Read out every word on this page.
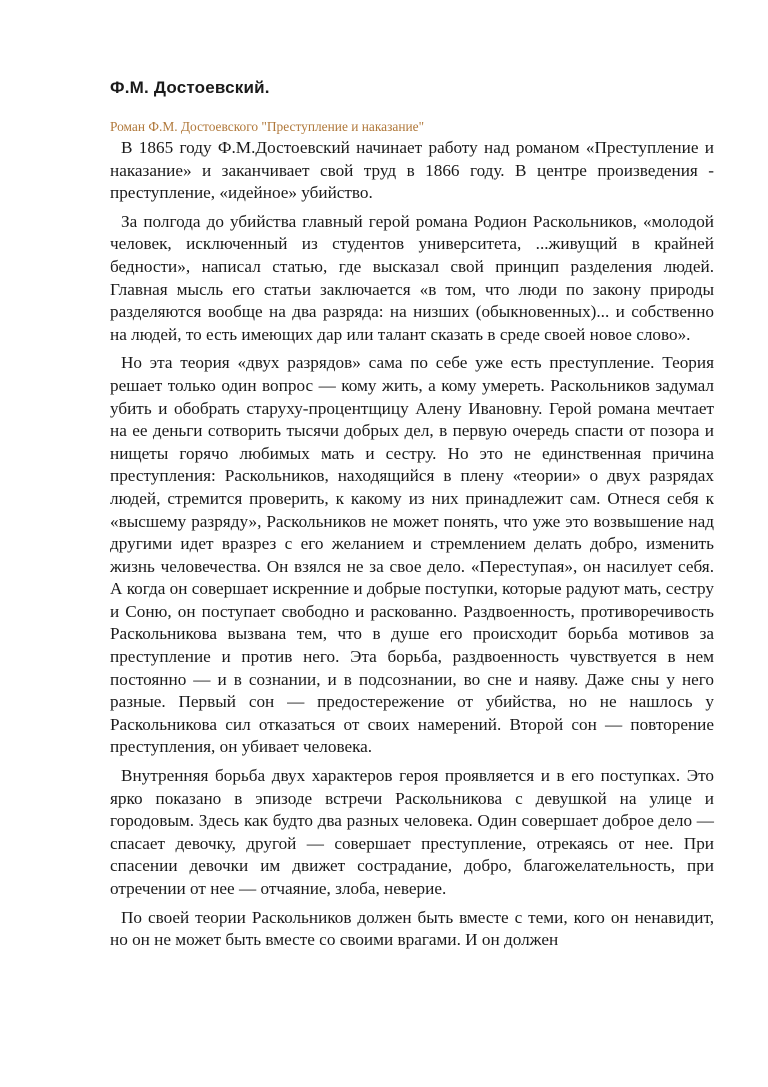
Ф.М. Достоевский.
Роман Ф.М. Достоевского "Преступление и наказание"

В 1865 году Ф.М.Достоевский начинает работу над романом «Преступление и наказание» и заканчивает свой труд в 1866 году. В центре произведения - преступление, «идейное» убийство.

За полгода до убийства главный герой романа Родион Раскольников, «молодой человек, исключенный из студентов университета, ...живущий в крайней бедности», написал статью, где высказал свой принцип разделения людей. Главная мысль его статьи заключается «в том, что люди по закону природы разделяются вообще на два разряда: на низших (обыкновенных)... и собственно на людей, то есть имеющих дар или талант сказать в среде своей новое слово».

Но эта теория «двух разрядов» сама по себе уже есть преступление. Теория решает только один вопрос — кому жить, а кому умереть. Раскольников задумал убить и обобрать старуху-процентщицу Алену Ивановну. Герой романа мечтает на ее деньги сотворить тысячи добрых дел, в первую очередь спасти от позора и нищеты горячо любимых мать и сестру. Но это не единственная причина преступления: Раскольников, находящийся в плену «теории» о двух разрядах людей, стремится проверить, к какому из них принадлежит сам. Отнеся себя к «высшему разряду», Раскольников не может понять, что уже это возвышение над другими идет вразрез с его желанием и стремлением делать добро, изменить жизнь человечества. Он взялся не за свое дело. «Переступая», он насилует себя. А когда он совершает искренние и добрые поступки, которые радуют мать, сестру и Соню, он поступает свободно и раскованно. Раздвоенность, противоречивость Раскольникова вызвана тем, что в душе его происходит борьба мотивов за преступление и против него. Эта борьба, раздвоенность чувствуется в нем постоянно — и в сознании, и в подсознании, во сне и наяву. Даже сны у него разные. Первый сон — предостережение от убийства, но не нашлось у Раскольникова сил отказаться от своих намерений. Второй сон — повторение преступления, он убивает человека.

Внутренняя борьба двух характеров героя проявляется и в его поступках. Это ярко показано в эпизоде встречи Раскольникова с девушкой на улице и городовым. Здесь как будто два разных человека. Один совершает доброе дело — спасает девочку, другой — совершает преступление, отрекаясь от нее. При спасении девочки им движет сострадание, добро, благожелательность, при отречении от нее — отчаяние, злоба, неверие.

По своей теории Раскольников должен быть вместе с теми, кого он ненавидит, но он не может быть вместе со своими врагами. И он должен
